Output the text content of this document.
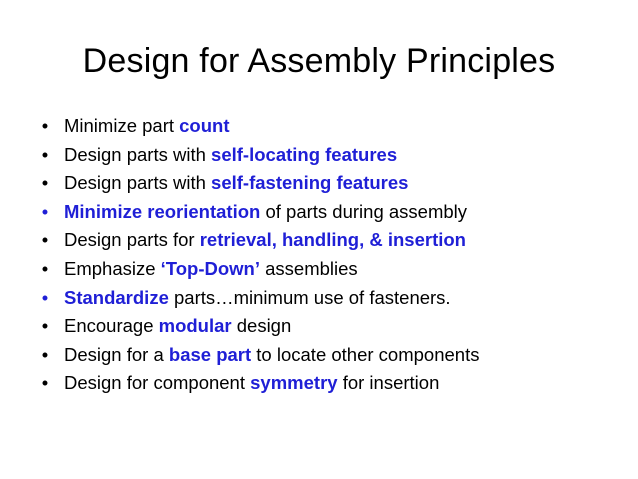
Design for Assembly Principles
• Minimize part count
• Design parts with self-locating features
• Design parts with self-fastening features
• Minimize reorientation of parts during assembly
• Design parts for retrieval, handling, & insertion
• Emphasize ‘Top-Down’ assemblies
• Standardize parts…minimum use of fasteners.
• Encourage modular design
• Design for a base part to locate other components
• Design for component symmetry for insertion
